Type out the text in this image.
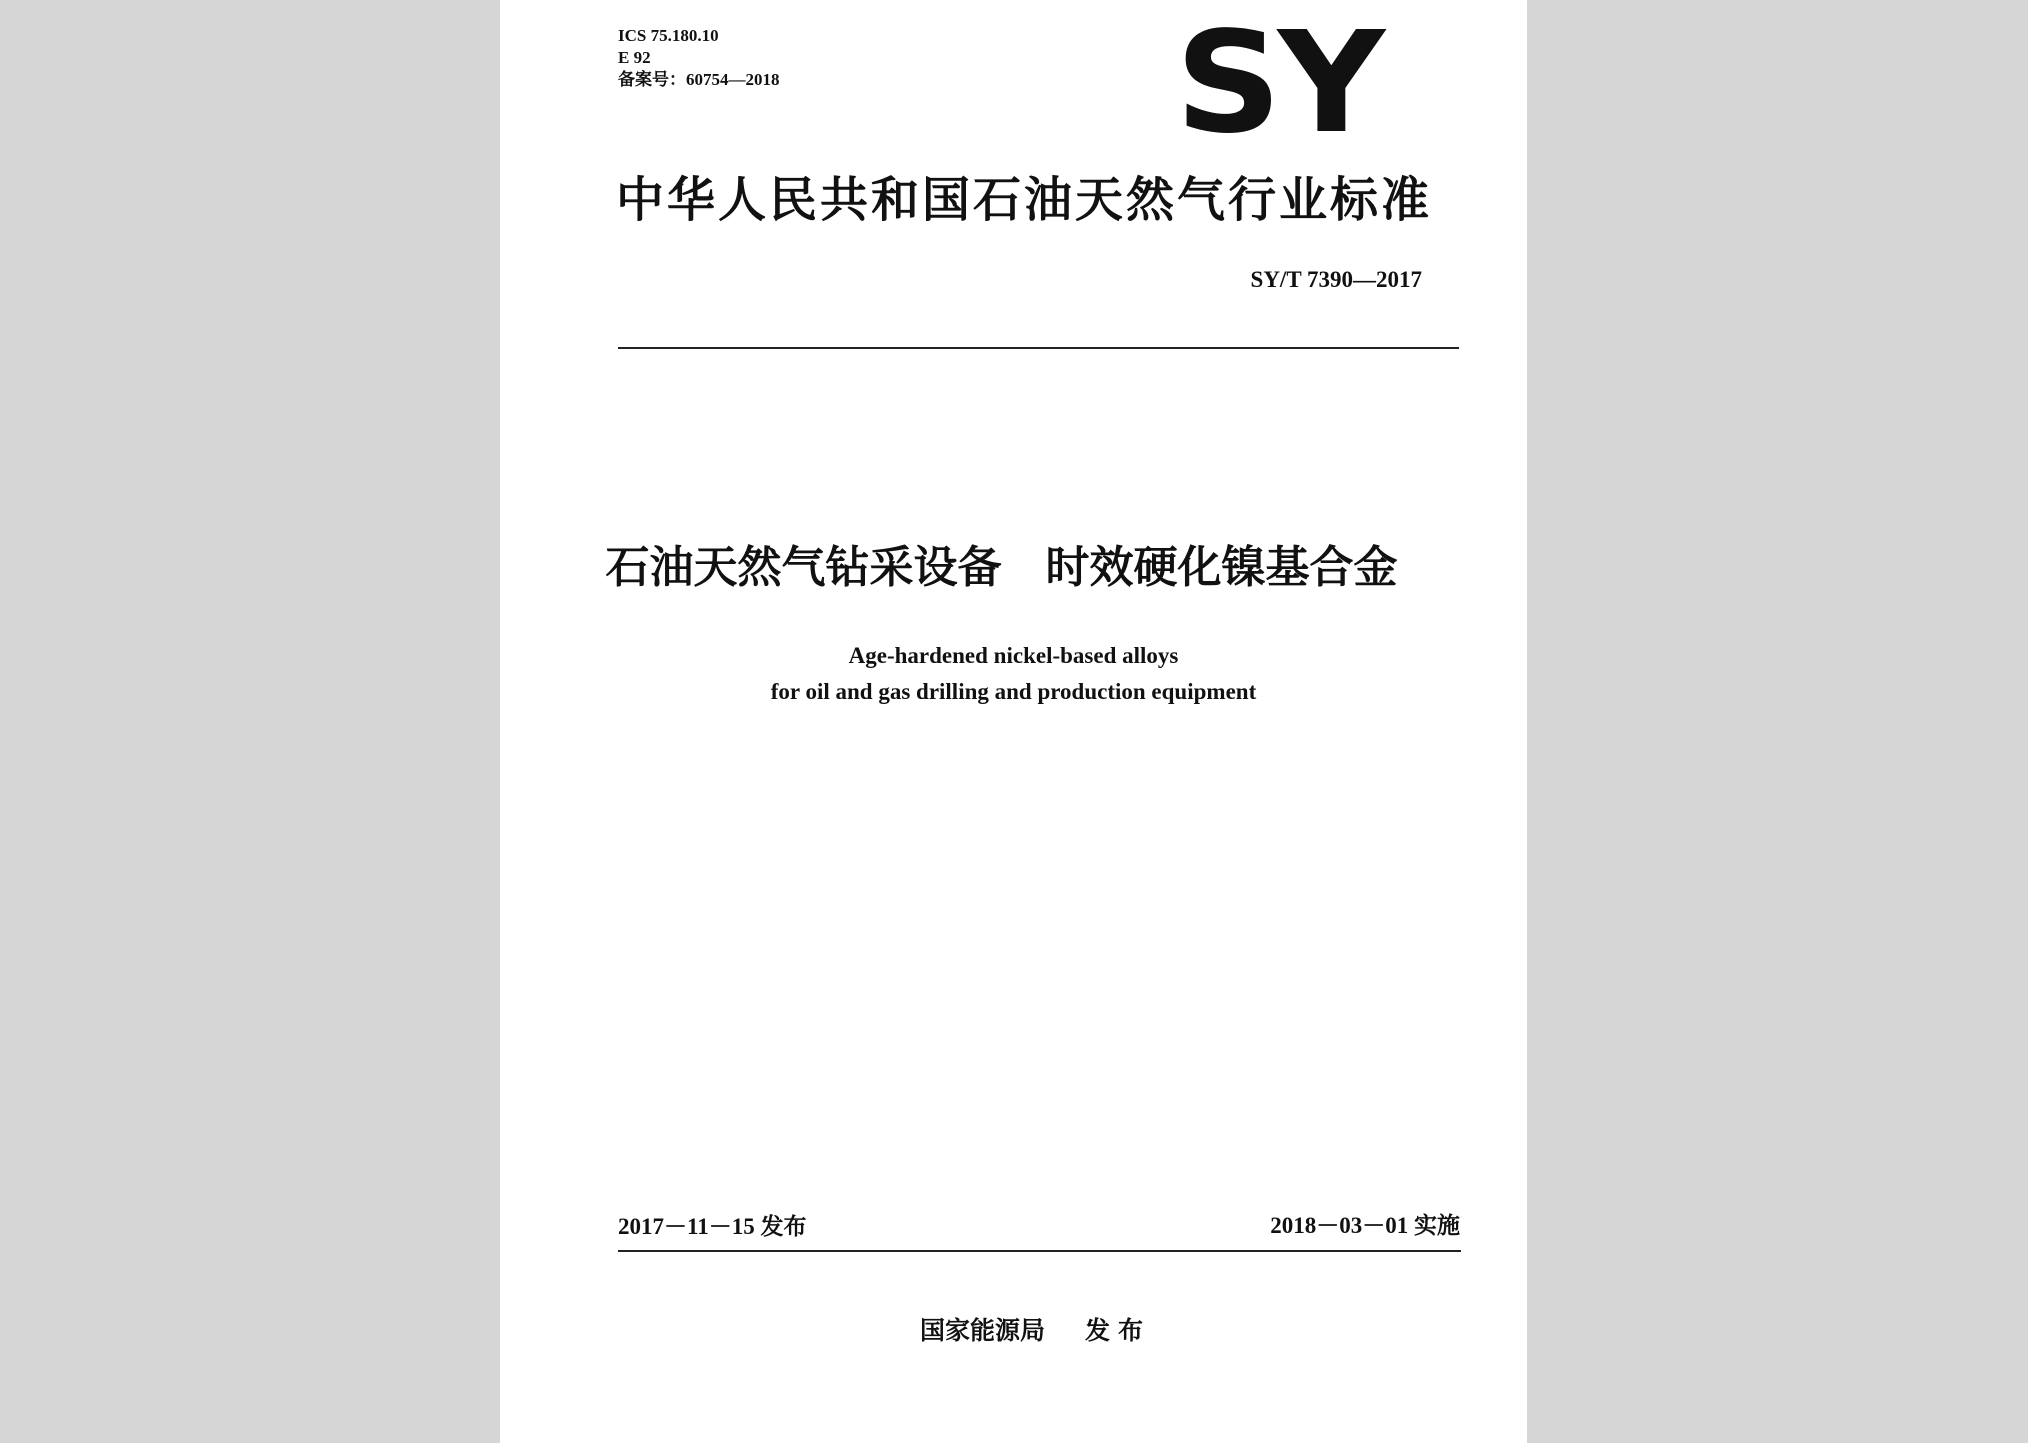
ICS 75.180.10
E 92
备案号：60754—2018	SY
中华人民共和国石油天然气行业标准
SY/T 7390—2017
石油天然气钻采设备　时效硬化镍基合金
Age-hardened nickel-based alloys
for oil and gas drilling and production equipment
2017－11－15 发布	2018－03－01 实施
国家能源局 发布
